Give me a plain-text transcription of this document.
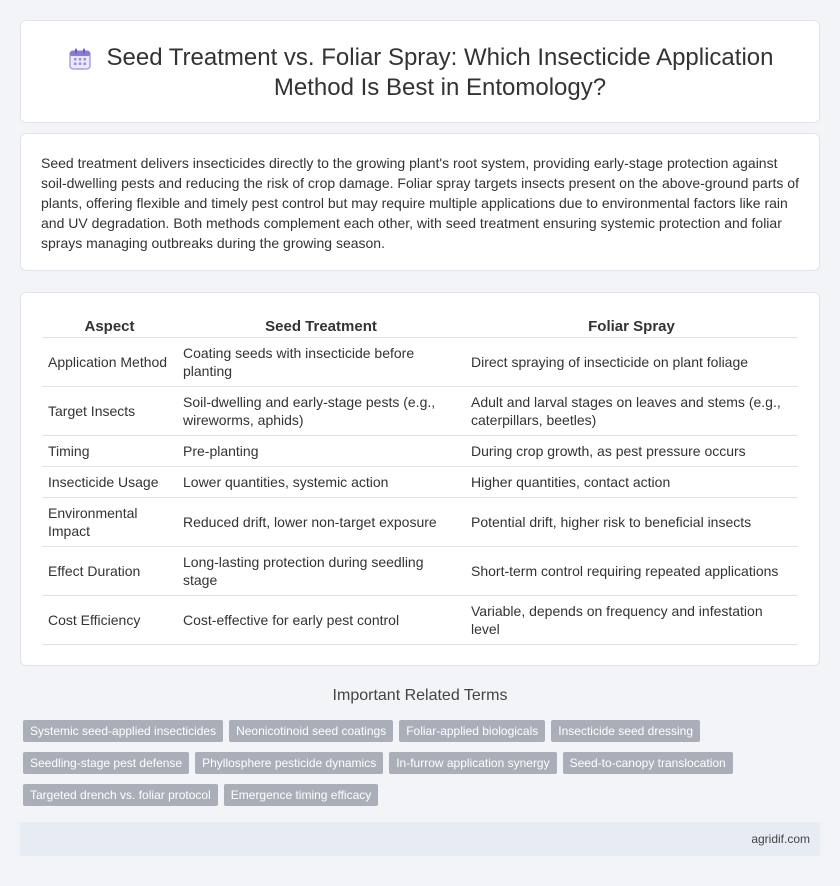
Seed Treatment vs. Foliar Spray: Which Insecticide Application Method Is Best in Entomology?

Seed treatment delivers insecticides directly to the growing plant's root system, providing early-stage protection against soil-dwelling pests and reducing the risk of crop damage. Foliar spray targets insects present on the above-ground parts of plants, offering flexible and timely pest control but may require multiple applications due to environmental factors like rain and UV degradation. Both methods complement each other, with seed treatment ensuring systemic protection and foliar sprays managing outbreaks during the growing season.

Aspect	Seed Treatment	Foliar Spray
Application Method	Coating seeds with insecticide before planting	Direct spraying of insecticide on plant foliage
Target Insects	Soil-dwelling and early-stage pests (e.g., wireworms, aphids)	Adult and larval stages on leaves and stems (e.g., caterpillars, beetles)
Timing	Pre-planting	During crop growth, as pest pressure occurs
Insecticide Usage	Lower quantities, systemic action	Higher quantities, contact action
Environmental Impact	Reduced drift, lower non-target exposure	Potential drift, higher risk to beneficial insects
Effect Duration	Long-lasting protection during seedling stage	Short-term control requiring repeated applications
Cost Efficiency	Cost-effective for early pest control	Variable, depends on frequency and infestation level
Important Related Terms
Systemic seed-applied insecticides	Neonicotinoid seed coatings	Foliar-applied biologicals	Insecticide seed dressing
Seedling-stage pest defense	Phyllosphere pesticide dynamics	In-furrow application synergy	Seed-to-canopy translocation
Targeted drench vs. foliar protocol	Emergence timing efficacy
agridif.com
